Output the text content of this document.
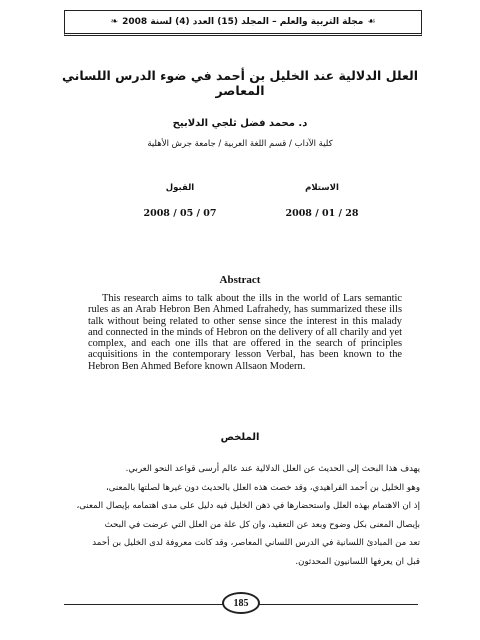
☙
مجلة التربية والعلم – المجلد (15) العدد (4) لسنة 2008
❧
العلل الدلالية عند الخليل بن أحمد في ضوء الدرس اللساني المعاصر
د. محمد فضل ثلجي الدلابيح
كلية الآداب / قسم اللغة العربية / جامعة جرش الأهلية
الاستلام
2008 / 01 / 28
القبول
2008 / 05 / 07
Abstract
This research aims to talk about the ills in the world of Lars semantic rules as an Arab Hebron Ben Ahmed Lafrahedy, has summarized these ills talk without being related to other sense since the interest in this malady and connected in the minds of Hebron on the delivery of all charily and yet complex, and each one ills that are offered in the search of principles acquisitions in the contemporary lesson Verbal, has been known to the Hebron Ben Ahmed Before known Allsaon Modern.
الملخص
يهدف هذا البحث إلى الحديث عن العلل الدلالية عند عالم أرسى قواعد النحو العربي.
وهو الخليل بن أحمد الفراهيدي، وقد خصت هذه العلل بالحديث دون غيرها لصلتها بالمعنى،
إذ ان الاهتمام بهذه العلل واستحضارها في ذهن الخليل فيه دليل على مدى اهتمامه بإيصال المعنى،
بإيصال المعنى بكل وضوح وبعد عن التعقيد، وان كل علة من العلل التي عرضت في البحث
تعد من المبادئ اللسانية في الدرس اللساني المعاصر، وقد كانت معروفة لدى الخليل بن أحمد
قبل ان يعرفها اللسانيون المحدثون.
185
